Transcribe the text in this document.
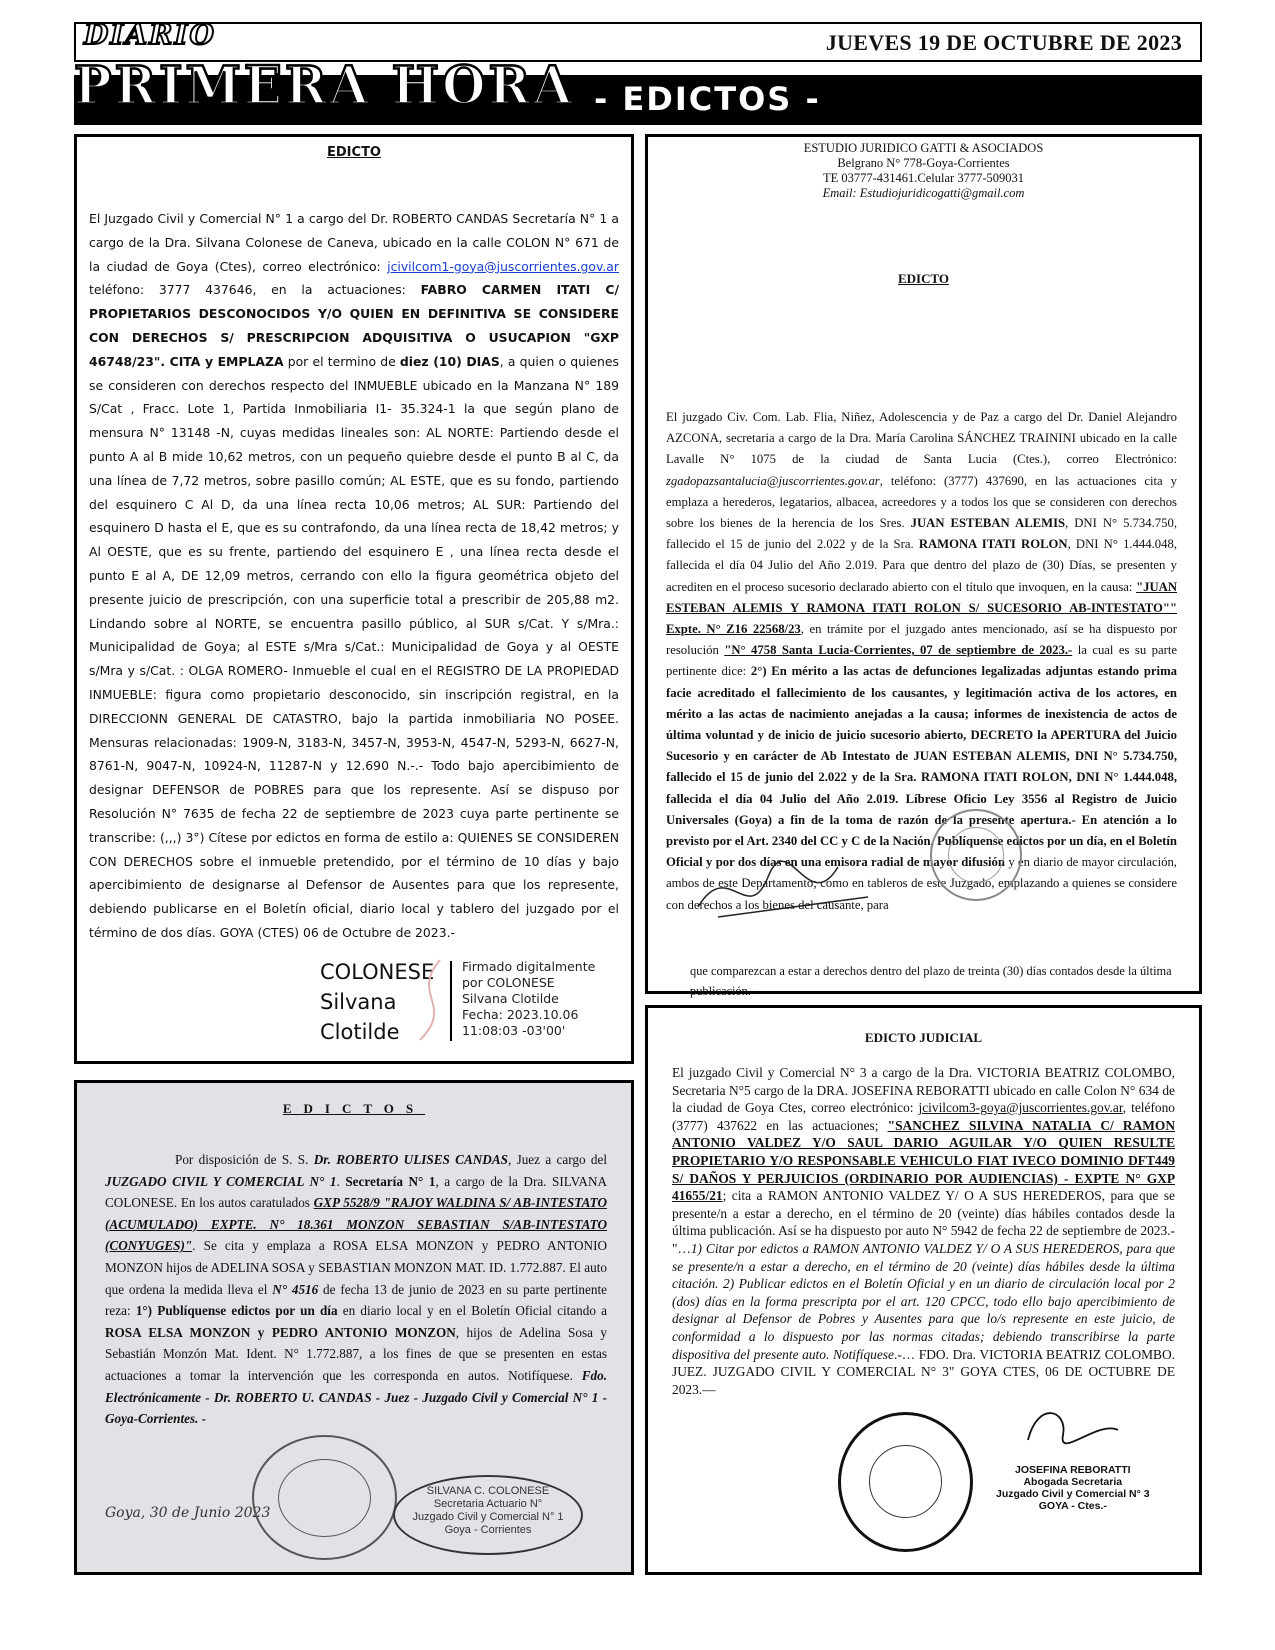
JUEVES 19 DE OCTUBRE DE 2023
- EDICTOS -
DIARIO
PRIMERA HORA
EDICTO

El Juzgado Civil y Comercial N° 1 a cargo del Dr. ROBERTO CANDAS Secretaría N° 1 a cargo de la Dra. Silvana Colonese de Caneva, ubicado en la calle COLON N° 671 de la ciudad de Goya (Ctes), correo electrónico: jcivilcom1-goya@juscorrientes.gov.ar teléfono: 3777 437646, en la actuaciones: FABRO CARMEN ITATI C/ PROPIETARIOS DESCONOCIDOS Y/O QUIEN EN DEFINITIVA SE CONSIDERE CON DERECHOS S/ PRESCRIPCION ADQUISITIVA O USUCAPION "GXP 46748/23". CITA y EMPLAZA por el termino de diez (10) DIAS, a quien o quienes se consideren con derechos respecto del INMUEBLE ubicado en la Manzana N° 189 S/Cat , Fracc. Lote 1, Partida Inmobiliaria I1- 35.324-1 la que según plano de mensura N° 13148 -N, cuyas medidas lineales son: AL NORTE: Partiendo desde el punto A al B mide 10,62 metros, con un pequeño quiebre desde el punto B al C, da una línea de 7,72 metros, sobre pasillo común; AL ESTE, que es su fondo, partiendo del esquinero C Al D, da una línea recta 10,06 metros; AL SUR: Partiendo del esquinero D hasta el E, que es su contrafondo, da una línea recta de 18,42 metros; y Al OESTE, que es su frente, partiendo del esquinero E , una línea recta desde el punto E al A, DE 12,09 metros, cerrando con ello la figura geométrica objeto del presente juicio de prescripción, con una superficie total a prescribir de 205,88 m2. Lindando sobre al NORTE, se encuentra pasillo público, al SUR s/Cat. Y s/Mra.: Municipalidad de Goya; al ESTE s/Mra s/Cat.: Municipalidad de Goya y al OESTE s/Mra y s/Cat. : OLGA ROMERO- Inmueble el cual en el REGISTRO DE LA PROPIEDAD INMUEBLE: figura como propietario desconocido, sin inscripción registral, en la DIRECCIONN GENERAL DE CATASTRO, bajo la partida inmobiliaria NO POSEE. Mensuras relacionadas: 1909-N, 3183-N, 3457-N, 3953-N, 4547-N, 5293-N, 6627-N, 8761-N, 9047-N, 10924-N, 11287-N y 12.690 N.-.- Todo bajo apercibimiento de designar DEFENSOR de POBRES para que los represente. Así se dispuso por Resolución N° 7635 de fecha 22 de septiembre de 2023 cuya parte pertinente se transcribe: (,,,) 3°) Cítese por edictos en forma de estilo a: QUIENES SE CONSIDEREN CON DERECHOS sobre el inmueble pretendido, por el término de 10 días y bajo apercibimiento de designarse al Defensor de Ausentes para que los represente, debiendo publicarse en el Boletín oficial, diario local y tablero del juzgado por el término de dos días. GOYA (CTES) 06 de Octubre de 2023.-

COLONESE
Silvana
Clotilde
Firmado digitalmente
por COLONESE
Silvana Clotilde
Fecha: 2023.10.06
11:08:03 -03'00'
ESTUDIO JURIDICO GATTI & ASOCIADOS
Belgrano N° 778-Goya-Corrientes
TE 03777-431461.Celular 3777-509031
Email: Estudiojuridicogatti@gmail.com
EDICTO

El juzgado Civ. Com. Lab. Flia, Niñez, Adolescencia y de Paz a cargo del Dr. Daniel Alejandro AZCONA, secretaria a cargo de la Dra. María Carolina SÁNCHEZ TRAININI ubicado en la calle Lavalle N° 1075 de la ciudad de Santa Lucia (Ctes.), correo Electrónico: zgadopazsantalucia@juscorrientes.gov.ar, teléfono: (3777) 437690, en las actuaciones cita y emplaza a herederos, legatarios, albacea, acreedores y a todos los que se consideren con derechos sobre los bienes de la herencia de los Sres. JUAN ESTEBAN ALEMIS, DNI N° 5.734.750, fallecido el 15 de junio del 2.022 y de la Sra. RAMONA ITATI ROLON, DNI N° 1.444.048, fallecida el día 04 Julio del Año 2.019. Para que dentro del plazo de (30) Días, se presenten y acrediten en el proceso sucesorio declarado abierto con el título que invoquen, en la causa: "JUAN ESTEBAN ALEMIS Y RAMONA ITATI ROLON S/ SUCESORIO AB-INTESTATO"" Expte. N° Z16 22568/23, en trámite por el juzgado antes mencionado, así se ha dispuesto por resolución "N° 4758 Santa Lucia-Corrientes, 07 de septiembre de 2023.- la cual es su parte pertinente dice: 2°) En mérito a las actas de defunciones legalizadas adjuntas estando prima facie acreditado el fallecimiento de los causantes, y legitimación activa de los actores, en mérito a las actas de nacimiento anejadas a la causa; informes de inexistencia de actos de última voluntad y de inicio de juicio sucesorio abierto, DECRETO la APERTURA del Juicio Sucesorio y en carácter de Ab Intestato de JUAN ESTEBAN ALEMIS, DNI N° 5.734.750, fallecido el 15 de junio del 2.022 y de la Sra. RAMONA ITATI ROLON, DNI N° 1.444.048, fallecida el día 04 Julio del Año 2.019. Líbrese Oficio Ley 3556 al Registro de Juicio Universales (Goya) a fin de la toma de razón de la presente apertura.- En atención a lo previsto por el Art. 2340 del CC y C de la Nación, Publíquense edictos por un día, en el Boletín Oficial y por dos días en una emisora radial de mayor difusión y en diario de mayor circulación, ambos de este Departamento; como en tableros de este Juzgado, emplazando a quienes se considere con derechos a los bienes del causante, para

que comparezcan a estar a derechos dentro del plazo de treinta (30) días contados desde la última publicación. -

EDICTOS

Por disposición de S. S. Dr. ROBERTO ULISES CANDAS, Juez a cargo del JUZGADO CIVIL Y COMERCIAL N° 1. Secretaría N° 1, a cargo de la Dra. SILVANA COLONESE. En los autos caratulados GXP 5528/9 "RAJOY WALDINA S/ AB-INTESTATO (ACUMULADO) EXPTE. N° 18.361 MONZON SEBASTIAN S/AB-INTESTATO (CONYUGES)". Se cita y emplaza a ROSA ELSA MONZON y PEDRO ANTONIO MONZON hijos de ADELINA SOSA y SEBASTIAN MONZON MAT. ID. 1.772.887. El auto que ordena la medida lleva el N° 4516 de fecha 13 de junio de 2023 en su parte pertinente reza: 1°) Publíquense edictos por un día en diario local y en el Boletín Oficial citando a ROSA ELSA MONZON y PEDRO ANTONIO MONZON, hijos de Adelina Sosa y Sebastián Monzón Mat. Ident. N° 1.772.887, a los fines de que se presenten en estas actuaciones a tomar la intervención que les corresponda en autos. Notifíquese. Fdo. Electrónicamente - Dr. ROBERTO U. CANDAS - Juez - Juzgado Civil y Comercial N° 1 - Goya-Corrientes. -

Goya, 30 de Junio 2023
SILVANA C. COLONESE
Secretaria Actuario N°
Juzgado Civil y Comercial N° 1
Goya - Corrientes
EDICTO JUDICIAL

El juzgado Civil y Comercial N° 3 a cargo de la Dra. VICTORIA BEATRIZ COLOMBO, Secretaria N°5 cargo de la DRA. JOSEFINA REBORATTI ubicado en calle Colon N° 634 de la ciudad de Goya Ctes, correo electrónico: jcivilcom3-goya@juscorrientes.gov.ar, teléfono (3777) 437622 en las actuaciones; "SANCHEZ SILVINA NATALIA C/ RAMON ANTONIO VALDEZ Y/O SAUL DARIO AGUILAR Y/O QUIEN RESULTE PROPIETARIO Y/O RESPONSABLE VEHICULO FIAT IVECO DOMINIO DFT449 S/ DAÑOS Y PERJUICIOS (ORDINARIO POR AUDIENCIAS) - EXPTE N° GXP 41655/21; cita a RAMON ANTONIO VALDEZ Y/ O A SUS HEREDEROS, para que se presente/n a estar a derecho, en el término de 20 (veinte) días hábiles contados desde la última publicación. Así se ha dispuesto por auto N° 5942 de fecha 22 de septiembre de 2023.- "…1) Citar por edictos a RAMON ANTONIO VALDEZ Y/ O A SUS HEREDEROS, para que se presente/n a estar a derecho, en el término de 20 (veinte) días hábiles desde la última citación. 2) Publicar edictos en el Boletín Oficial y en un diario de circulación local por 2 (dos) días en la forma prescripta por el art. 120 CPCC, todo ello bajo apercibimiento de designar al Defensor de Pobres y Ausentes para que lo/s represente en este juicio, de conformidad a lo dispuesto por las normas citadas; debiendo transcribirse la parte dispositiva del presente auto. Notifíquese.-… FDO. Dra. VICTORIA BEATRIZ COLOMBO. JUEZ. JUZGADO CIVIL Y COMERCIAL N° 3" GOYA CTES, 06 DE OCTUBRE DE 2023.—

JOSEFINA REBORATTI
Abogada Secretaria
Juzgado Civil y Comercial N° 3
GOYA - Ctes.-
